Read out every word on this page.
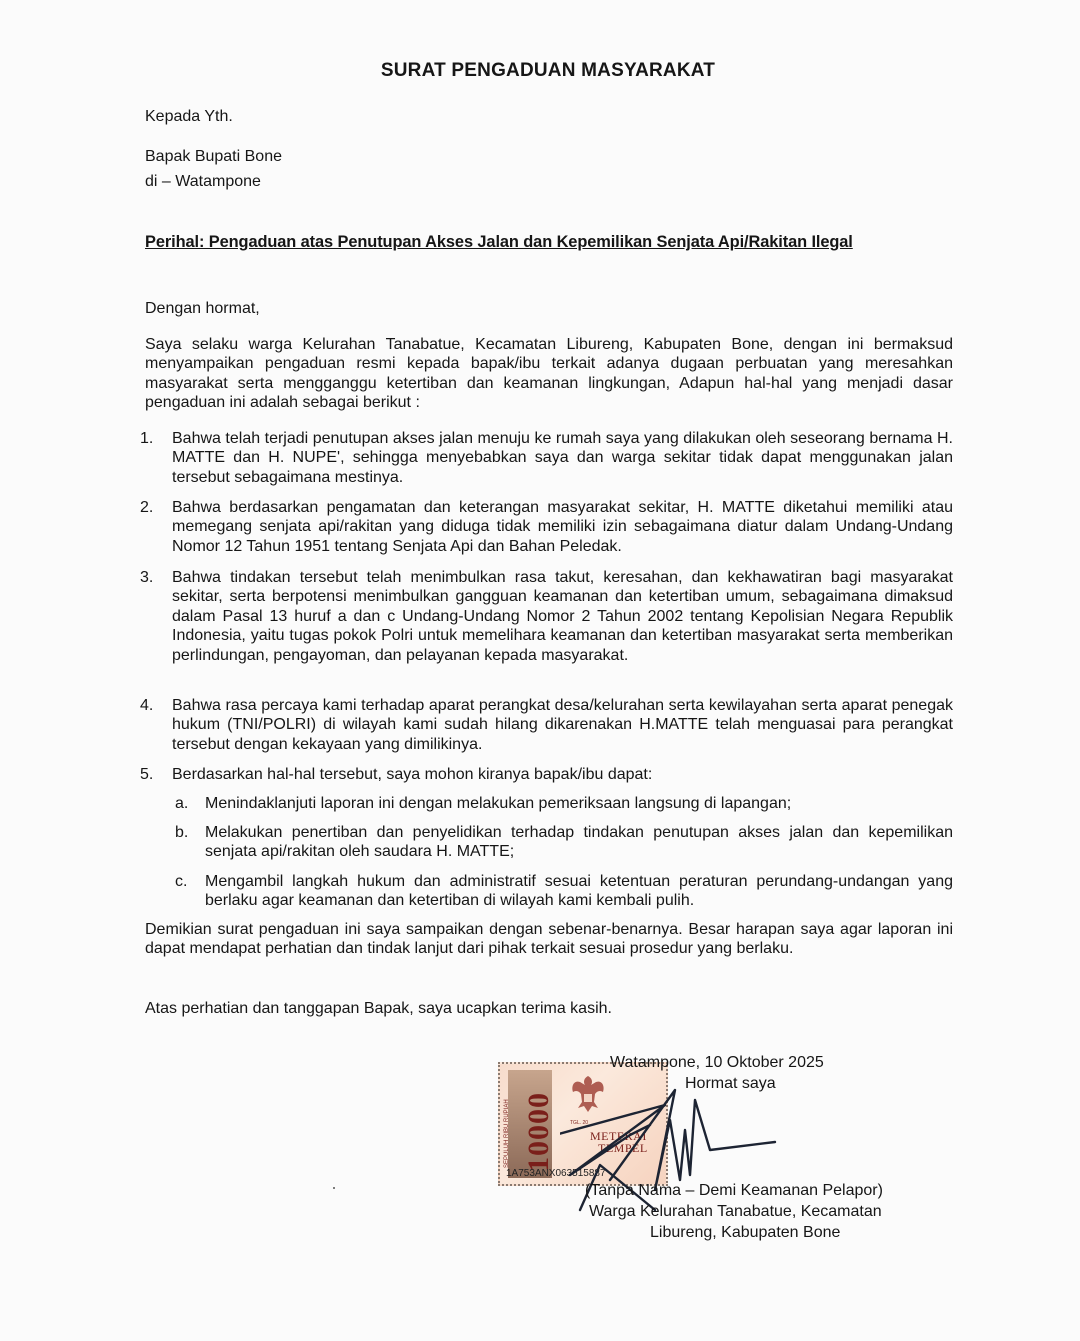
SURAT PENGADUAN MASYARAKAT
Kepada Yth.
Bapak Bupati Bone
di – Watampone
Perihal: Pengaduan atas Penutupan Akses Jalan dan Kepemilikan Senjata Api/Rakitan Ilegal
Dengan hormat,
Saya selaku warga Kelurahan Tanabatue, Kecamatan Libureng, Kabupaten Bone, dengan ini bermaksud menyampaikan pengaduan resmi kepada bapak/ibu terkait adanya dugaan perbuatan yang meresahkan masyarakat serta mengganggu ketertiban dan keamanan lingkungan, Adapun hal-hal yang menjadi dasar pengaduan ini adalah sebagai berikut :
1. Bahwa telah terjadi penutupan akses jalan menuju ke rumah saya yang dilakukan oleh seseorang bernama H. MATTE dan H. NUPE', sehingga menyebabkan saya dan warga sekitar tidak dapat menggunakan jalan tersebut sebagaimana mestinya.
2. Bahwa berdasarkan pengamatan dan keterangan masyarakat sekitar, H. MATTE diketahui memiliki atau memegang senjata api/rakitan yang diduga tidak memiliki izin sebagaimana diatur dalam Undang-Undang Nomor 12 Tahun 1951 tentang Senjata Api dan Bahan Peledak.
3. Bahwa tindakan tersebut telah menimbulkan rasa takut, keresahan, dan kekhawatiran bagi masyarakat sekitar, serta berpotensi menimbulkan gangguan keamanan dan ketertiban umum, sebagaimana dimaksud dalam Pasal 13 huruf a dan c Undang-Undang Nomor 2 Tahun 2002 tentang Kepolisian Negara Republik Indonesia, yaitu tugas pokok Polri untuk memelihara keamanan dan ketertiban masyarakat serta memberikan perlindungan, pengayoman, dan pelayanan kepada masyarakat.
4. Bahwa rasa percaya kami terhadap aparat perangkat desa/kelurahan serta kewilayahan serta aparat penegak hukum (TNI/POLRI) di wilayah kami sudah hilang dikarenakan H.MATTE telah menguasai para perangkat tersebut dengan kekayaan yang dimilikinya.
5. Berdasarkan hal-hal tersebut, saya mohon kiranya bapak/ibu dapat:
a. Menindaklanjuti laporan ini dengan melakukan pemeriksaan langsung di lapangan;
b. Melakukan penertiban dan penyelidikan terhadap tindakan penutupan akses jalan dan kepemilikan senjata api/rakitan oleh saudara H. MATTE;
c. Mengambil langkah hukum dan administratif sesuai ketentuan peraturan perundang-undangan yang berlaku agar keamanan dan ketertiban di wilayah kami kembali pulih.
Demikian surat pengaduan ini saya sampaikan dengan sebenar-benarnya. Besar harapan saya agar laporan ini dapat mendapat perhatian dan tindak lanjut dari pihak terkait sesuai prosedur yang berlaku.
Atas perhatian dan tanggapan Bapak, saya ucapkan terima kasih.
10000
SEPULUH RIBU RUPIAH	TGL. 20
METERAI
TEMPEL
1A753ANX063515887
Watampone, 10 Oktober 2025
Hormat saya
(Tanpa Nama – Demi Keamanan Pelapor)
Warga Kelurahan Tanabatue, Kecamatan
Libureng, Kabupaten Bone
